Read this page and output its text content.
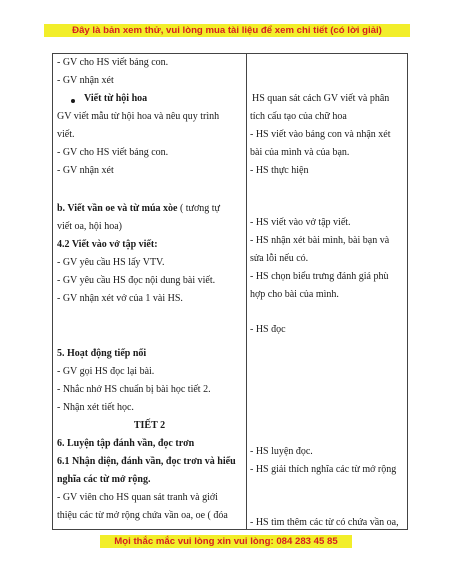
Đây là bản xem thử, vui lòng mua tài liệu để xem chi tiết (có lời giải)
- GV cho HS viết bảng con.
- GV nhận xét
Viết từ hội hoa
GV viết mẫu từ hội hoa và nêu quy trình
viết.
- GV cho HS viết bảng con.
- GV nhận xét
b. Viết vần oe và từ múa xòe ( tương tự
viết oa, hội hoa)
4.2 Viết vào vở tập viết:
- GV yêu cầu HS lấy VTV.
- GV yêu cầu HS đọc nội dung bài viết.
- GV nhận xét vở của 1 vài HS.
5. Hoạt động tiếp nối
- GV gọi HS đọc lại bài.
- Nhắc nhở HS chuẩn bị bài học tiết 2.
- Nhận xét tiết học.
TIẾT 2
6. Luyện tập đánh vần, đọc trơn
6.1 Nhận diện, đánh vần, đọc trơn và hiểu
nghĩa các từ mở rộng.
- GV viên cho HS quan sát tranh và giới
thiệu các từ mở rộng chứa vần oa, oe ( đóa
HS quan sát cách GV viết và phân
tích cấu tạo của chữ hoa
- HS viết vào bảng con và nhận xét
bài của mình và của bạn.
- HS thực hiện
- HS viết vào vở tập viết.
- HS nhận xét bài mình, bài bạn và
sửa lỗi nếu có.
- HS chọn biểu trưng đánh giá phù
hợp cho bài của mình.
- HS đọc
- HS luyện đọc.
- HS giải thích nghĩa các từ mở rộng
- HS tìm thêm các từ có chứa vần oa,
Mọi thắc mắc vui lòng xin vui lòng: 084 283 45 85
